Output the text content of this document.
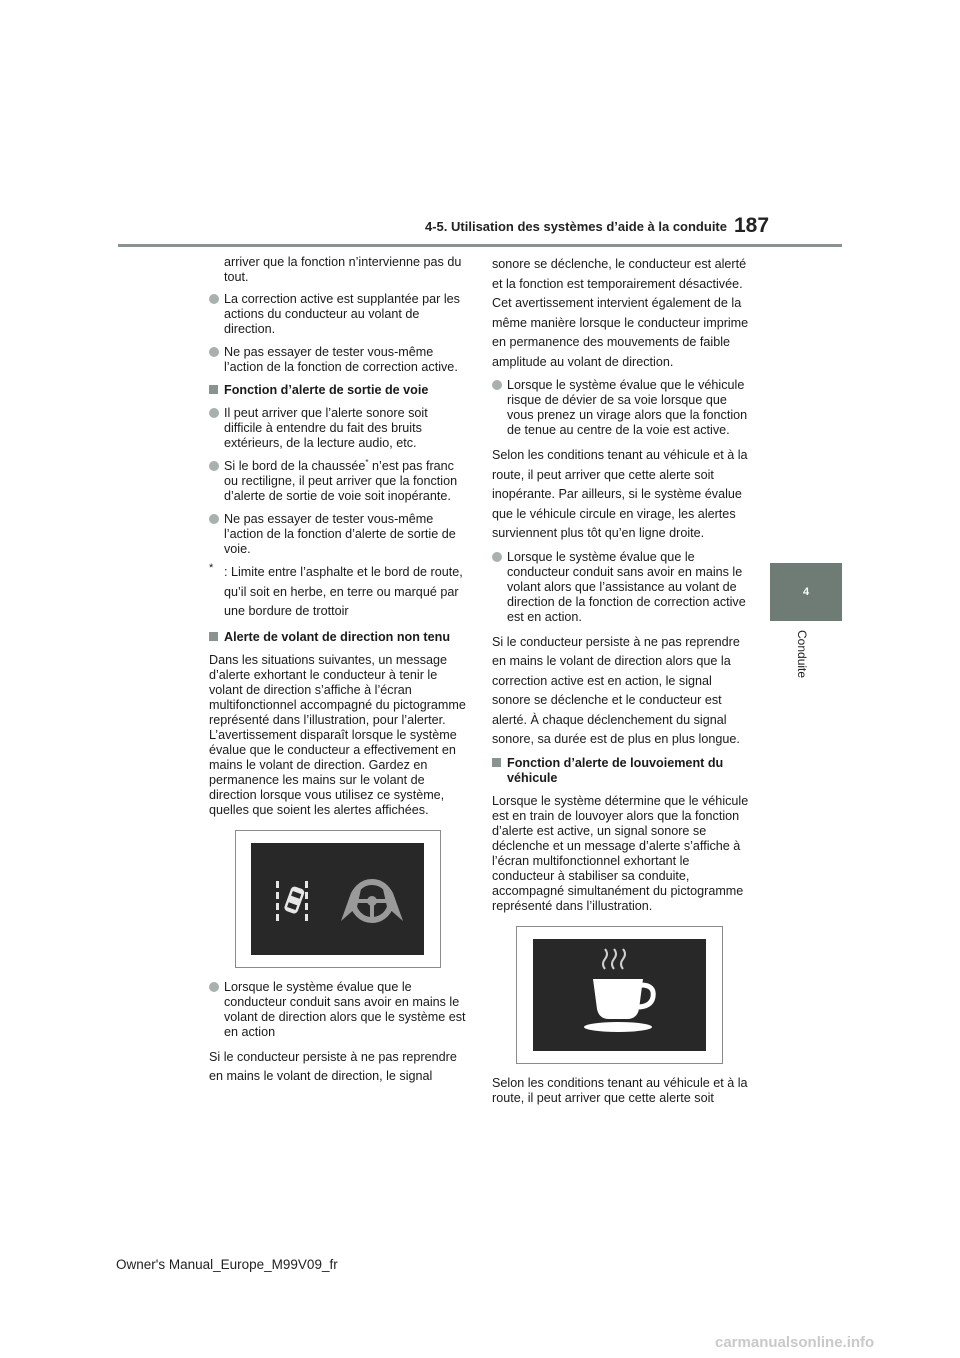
4-5. Utilisation des systèmes d’aide à la conduite 187
4
Conduite

arriver que la fonction n’intervienne pas du tout.

La correction active est supplantée par les actions du conducteur au volant de direction.
Ne pas essayer de tester vous-même l’action de la fonction de correction active.
Fonction d’alerte de sortie de voie
Il peut arriver que l’alerte sonore soit difficile à entendre du fait des bruits extérieurs, de la lecture audio, etc.
Si le bord de la chaussée* n’est pas franc ou rectiligne, il peut arriver que la fonction d’alerte de sortie de voie soit inopérante.
Ne pas essayer de tester vous-même l’action de la fonction d’alerte de sortie de voie.
* : Limite entre l’asphalte et le bord de route, qu’il soit en herbe, en terre ou marqué par une bordure de trottoir
Alerte de volant de direction non tenu

Dans les situations suivantes, un message d’alerte exhortant le conducteur à tenir le volant de direction s’affiche à l’écran multifonctionnel accompagné du pictogramme représenté dans l’illustration, pour l’alerter. L’avertissement disparaît lorsque le système évalue que le conducteur a effectivement en mains le volant de direction. Gardez en permanence les mains sur le volant de direction lorsque vous utilisez ce système, quelles que soient les alertes affichées.

Lorsque le système évalue que le conducteur conduit sans avoir en mains le volant de direction alors que le système est en action

Si le conducteur persiste à ne pas reprendre en mains le volant de direction, le signal

sonore se déclenche, le conducteur est alerté et la fonction est temporairement désactivée. Cet avertissement intervient également de la même manière lorsque le conducteur imprime en permanence des mouvements de faible amplitude au volant de direction.

Lorsque le système évalue que le véhicule risque de dévier de sa voie lorsque que vous prenez un virage alors que la fonction de tenue au centre de la voie est active.

Selon les conditions tenant au véhicule et à la route, il peut arriver que cette alerte soit inopérante. Par ailleurs, si le système évalue que le véhicule circule en virage, les alertes surviennent plus tôt qu’en ligne droite.

Lorsque le système évalue que le conducteur conduit sans avoir en mains le volant alors que l’assistance au volant de direction de la fonction de correction active est en action.

Si le conducteur persiste à ne pas reprendre en mains le volant de direction alors que la correction active est en action, le signal sonore se déclenche et le conducteur est alerté. À chaque déclenchement du signal sonore, sa durée est de plus en plus longue.

Fonction d’alerte de louvoiement du véhicule

Lorsque le système détermine que le véhicule est en train de louvoyer alors que la fonction d’alerte est active, un signal sonore se déclenche et un message d’alerte s’affiche à l’écran multifonctionnel exhortant le conducteur à stabiliser sa conduite, accompagné simultanément du pictogramme représenté dans l’illustration.

Selon les conditions tenant au véhicule et à la route, il peut arriver que cette alerte soit

Owner's Manual_Europe_M99V09_fr
carmanualsonline.info
